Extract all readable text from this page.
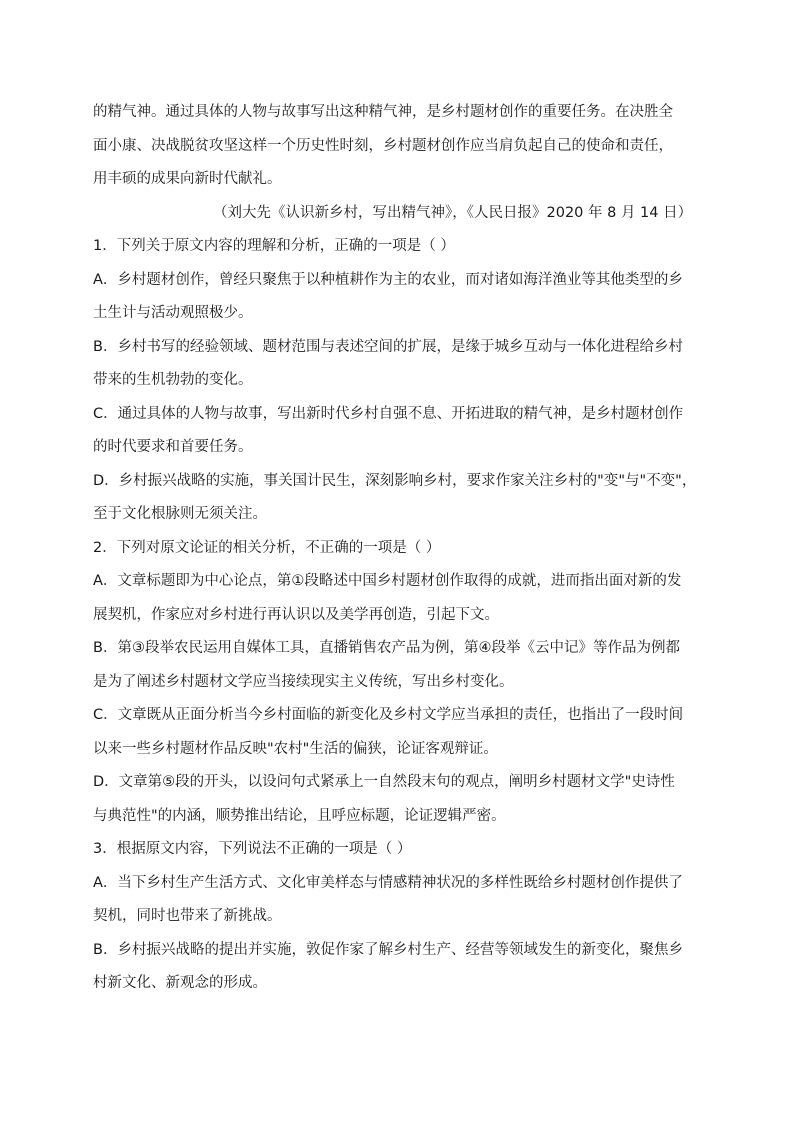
的精气神。通过具体的人物与故事写出这种精气神，是乡村题材创作的重要任务。在决胜全

面小康、决战脱贫攻坚这样一个历史性时刻，乡村题材创作应当肩负起自己的使命和责任，

用丰硕的成果向新时代献礼。

（刘大先《认识新乡村，写出精气神》，《人民日报》2020 年 8 月 14 日）

1．下列关于原文内容的理解和分析，正确的一项是（ ）

A．乡村题材创作，曾经只聚焦于以种植耕作为主的农业，而对诸如海洋渔业等其他类型的乡

土生计与活动观照极少。

B．乡村书写的经验领域、题材范围与表述空间的扩展，是缘于城乡互动与一体化进程给乡村

带来的生机勃勃的变化。

C．通过具体的人物与故事，写出新时代乡村自强不息、开拓进取的精气神，是乡村题材创作

的时代要求和首要任务。

D．乡村振兴战略的实施，事关国计民生，深刻影响乡村，要求作家关注乡村的"变"与"不变"，

至于文化根脉则无须关注。

2．下列对原文论证的相关分析，不正确的一项是（ ）

A．文章标题即为中心论点，第①段略述中国乡村题材创作取得的成就，进而指出面对新的发

展契机，作家应对乡村进行再认识以及美学再创造，引起下文。

B．第③段举农民运用自媒体工具，直播销售农产品为例，第④段举《云中记》等作品为例都

是为了阐述乡村题材文学应当接续现实主义传统，写出乡村变化。

C．文章既从正面分析当今乡村面临的新变化及乡村文学应当承担的责任，也指出了一段时间

以来一些乡村题材作品反映"农村"生活的偏狭，论证客观辩证。

D．文章第⑤段的开头，以设问句式紧承上一自然段末句的观点，阐明乡村题材文学"史诗性

与典范性"的内涵，顺势推出结论，且呼应标题，论证逻辑严密。

3．根据原文内容，下列说法不正确的一项是（ ）

A．当下乡村生产生活方式、文化审美样态与情感精神状况的多样性既给乡村题材创作提供了

契机，同时也带来了新挑战。

B．乡村振兴战略的提出并实施，敦促作家了解乡村生产、经营等领域发生的新变化，聚焦乡

村新文化、新观念的形成。
